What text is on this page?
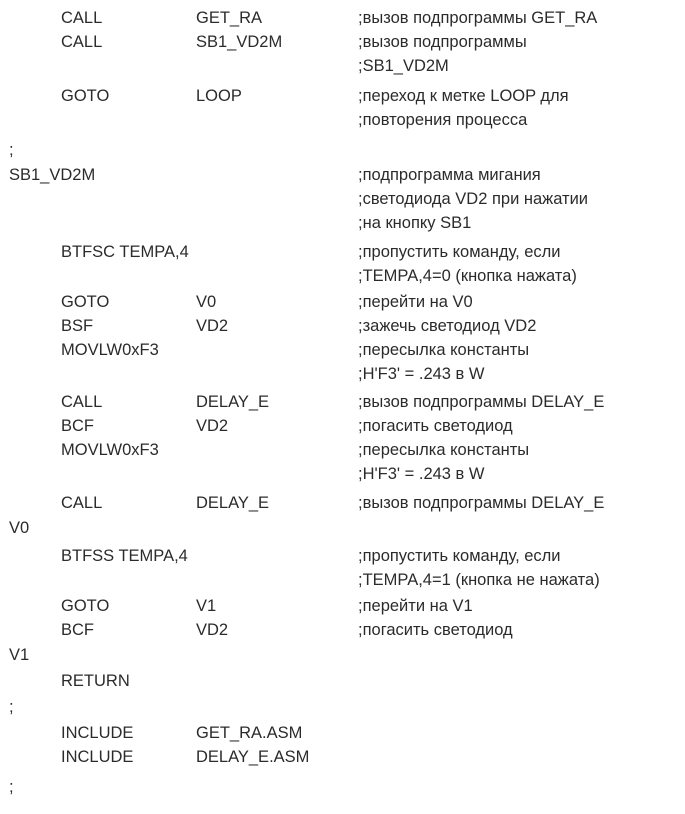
CALL	GET_RA	;вызов подпрограммы GET_RA
CALL	SB1_VD2M	;вызов подпрограммы
;SB1_VD2M
GOTO	LOOP	;переход к метке LOOP для
;повторения процесса
;
SB1_VD2M	;подпрограмма мигания
;светодиода VD2 при нажатии
;на кнопку SB1
BTFSC TEMPA,4	;пропустить команду, если
;TEMPA,4=0 (кнопка нажата)
GOTO	V0	;перейти на V0
BSF	VD2	;зажечь светодиод VD2
MOVLW0xF3	;пересылка константы
;H'F3' = .243 в W
CALL	DELAY_E	;вызов подпрограммы DELAY_E
BCF	VD2	;погасить светодиод
MOVLW0xF3	;пересылка константы
;H'F3' = .243 в W
CALL	DELAY_E	;вызов подпрограммы DELAY_E
V0
BTFSS TEMPA,4	;пропустить команду, если
;TEMPA,4=1 (кнопка не нажата)
GOTO	V1	;перейти на V1
BCF	VD2	;погасить светодиод
V1
RETURN
;
INCLUDE	GET_RA.ASM
INCLUDE	DELAY_E.ASM
;
